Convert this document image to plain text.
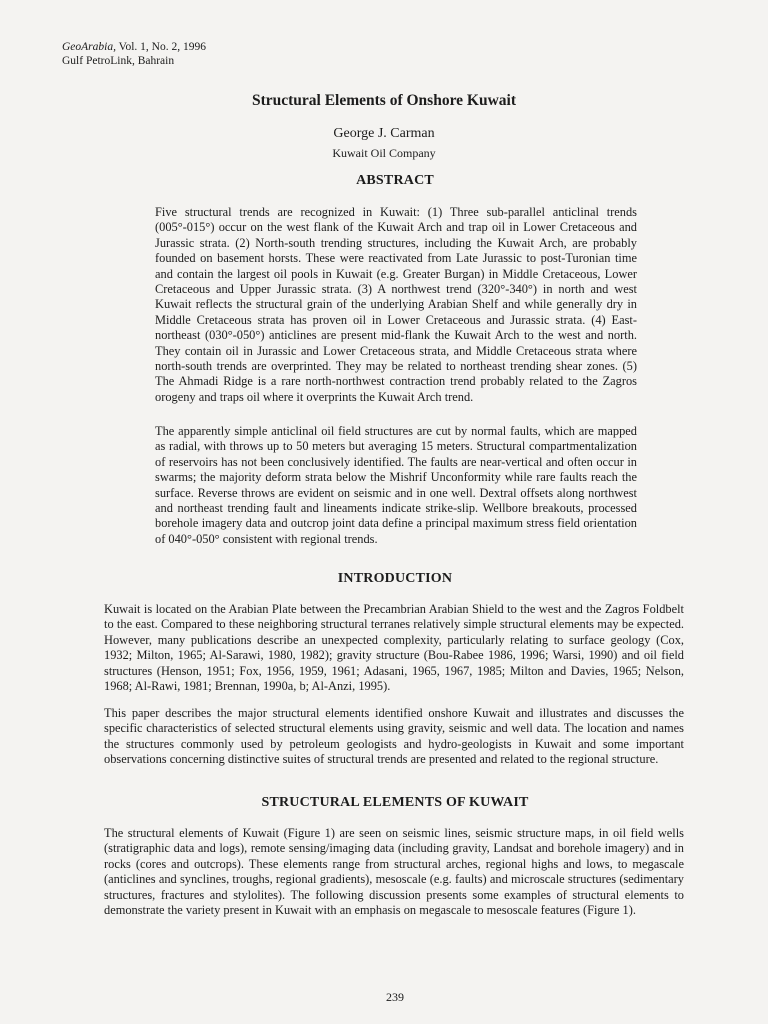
GeoArabia, Vol. 1, No. 2, 1996
Gulf PetroLink, Bahrain
Structural Elements of Onshore Kuwait
George J. Carman
Kuwait Oil Company
ABSTRACT

Five structural trends are recognized in Kuwait: (1) Three sub-parallel anticlinal trends (005°-015°) occur on the west flank of the Kuwait Arch and trap oil in Lower Cretaceous and Jurassic strata. (2) North-south trending structures, including the Kuwait Arch, are probably founded on basement horsts. These were reactivated from Late Jurassic to post-Turonian time and contain the largest oil pools in Kuwait (e.g. Greater Burgan) in Middle Cretaceous, Lower Cretaceous and Upper Jurassic strata. (3) A northwest trend (320°-340°) in north and west Kuwait reflects the structural grain of the underlying Arabian Shelf and while generally dry in Middle Cretaceous strata has proven oil in Lower Cretaceous and Jurassic strata. (4) East-northeast (030°-050°) anticlines are present mid-flank the Kuwait Arch to the west and north. They contain oil in Jurassic and Lower Cretaceous strata, and Middle Cretaceous strata where north-south trends are overprinted. They may be related to northeast trending shear zones. (5) The Ahmadi Ridge is a rare north-northwest contraction trend probably related to the Zagros orogeny and traps oil where it overprints the Kuwait Arch trend.

The apparently simple anticlinal oil field structures are cut by normal faults, which are mapped as radial, with throws up to 50 meters but averaging 15 meters. Structural compartmentalization of reservoirs has not been conclusively identified. The faults are near-vertical and often occur in swarms; the majority deform strata below the Mishrif Unconformity while rare faults reach the surface. Reverse throws are evident on seismic and in one well. Dextral offsets along northwest and northeast trending fault and lineaments indicate strike-slip. Wellbore breakouts, processed borehole imagery data and outcrop joint data define a principal maximum stress field orientation of 040°-050° consistent with regional trends.

INTRODUCTION

Kuwait is located on the Arabian Plate between the Precambrian Arabian Shield to the west and the Zagros Foldbelt to the east. Compared to these neighboring structural terranes relatively simple structural elements may be expected. However, many publications describe an unexpected complexity, particularly relating to surface geology (Cox, 1932; Milton, 1965; Al-Sarawi, 1980, 1982); gravity structure (Bou-Rabee 1986, 1996; Warsi, 1990) and oil field structures (Henson, 1951; Fox, 1956, 1959, 1961; Adasani, 1965, 1967, 1985; Milton and Davies, 1965; Nelson, 1968; Al-Rawi, 1981; Brennan, 1990a, b; Al-Anzi, 1995).

This paper describes the major structural elements identified onshore Kuwait and illustrates and discusses the specific characteristics of selected structural elements using gravity, seismic and well data. The location and names the structures commonly used by petroleum geologists and hydro-geologists in Kuwait and some important observations concerning distinctive suites of structural trends are presented and related to the regional structure.

STRUCTURAL ELEMENTS OF KUWAIT

The structural elements of Kuwait (Figure 1) are seen on seismic lines, seismic structure maps, in oil field wells (stratigraphic data and logs), remote sensing/imaging data (including gravity, Landsat and borehole imagery) and in rocks (cores and outcrops). These elements range from structural arches, regional highs and lows, to megascale (anticlines and synclines, troughs, regional gradients), mesoscale (e.g. faults) and microscale structures (sedimentary structures, fractures and stylolites). The following discussion presents some examples of structural elements to demonstrate the variety present in Kuwait with an emphasis on megascale to mesoscale features (Figure 1).

239
